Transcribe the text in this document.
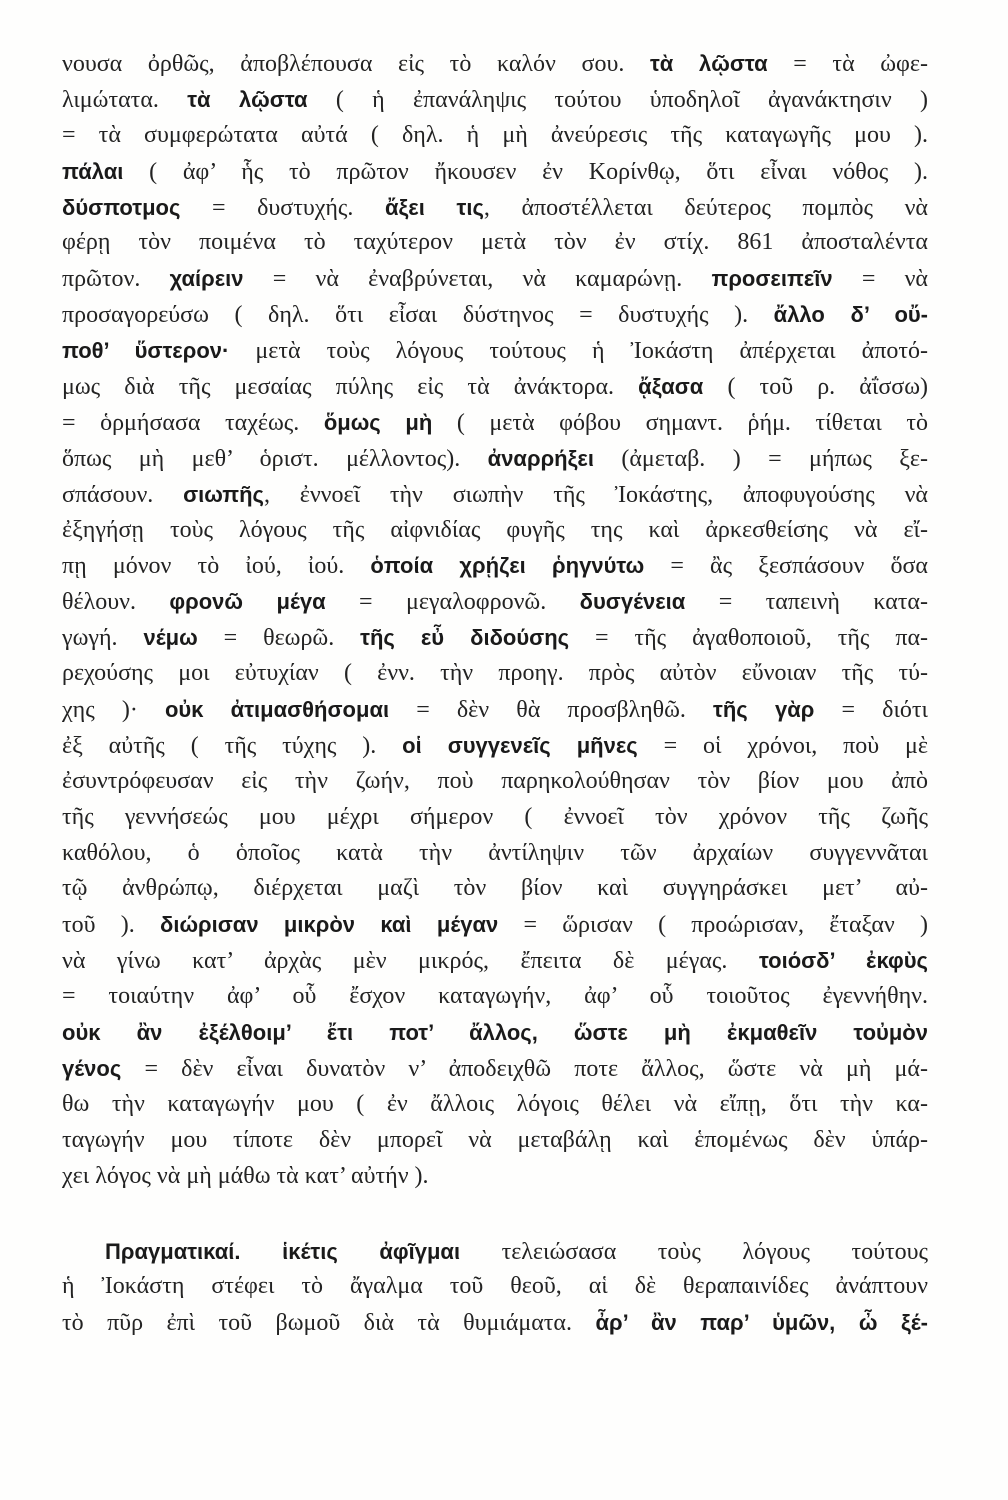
νουσα ὀρθῶς, ἀποβλέπουσα εἰς τὸ καλόν σου. τὰ λῷστα = τὰ ὠφε-
λιμώτατα. τὰ λῷστα ( ἡ ἐπανάληψις τούτου ὑποδηλοῖ ἀγανάκτησιν )
= τὰ συμφερώτατα αὐτά ( δηλ. ἡ μὴ ἀνεύρεσις τῆς καταγωγῆς μου ).
πάλαι ( ἀφ’ ἧς τὸ πρῶτον ἤκουσεν ἐν Κορίνθῳ, ὅτι εἶναι νόθος ).
δύσποτμος = δυστυχής. ἄξει τις, ἀποστέλλεται δεύτερος πομπὸς νὰ
φέρῃ τὸν ποιμένα τὸ ταχύτερον μετὰ τὸν ἐν στίχ. 861 ἀποσταλέντα
πρῶτον. χαίρειν = νὰ ἐναβρύνεται, νὰ καμαρώνῃ. προσειπεῖν = νὰ
προσαγορεύσω ( δηλ. ὅτι εἶσαι δύστηνος = δυστυχής ). ἄλλο δ’ οὔ-
ποθ’ ὕστερον· μετὰ τοὺς λόγους τούτους ἡ Ἰοκάστη ἀπέρχεται ἀποτό-
μως διὰ τῆς μεσαίας πύλης εἰς τὰ ἀνάκτορα. ᾄξασα ( τοῦ ρ. ἀΐσσω)
= ὁρμήσασα ταχέως. ὅμως μὴ ( μετὰ φόβου σημαντ. ῥήμ. τίθεται τὸ
ὅπως μὴ μεθ’ ὁριστ. μέλλοντος). ἀναρρήξει (ἀμεταβ. ) = μήπως ξε-
σπάσουν. σιωπῆς, ἐννοεῖ τὴν σιωπὴν τῆς Ἰοκάστης, ἀποφυγούσης νὰ
ἐξηγήσῃ τοὺς λόγους τῆς αἰφνιδίας φυγῆς της καὶ ἀρκεσθείσης νὰ εἴ-
πῃ μόνον τὸ ἰού, ἰού. ὁποία χρῄζει ῥηγνύτω = ἂς ξεσπάσουν ὅσα
θέλουν. φρονῶ μέγα = μεγαλοφρονῶ. δυσγένεια = ταπεινὴ κατα-
γωγή. νέμω = θεωρῶ. τῆς εὖ διδούσης = τῆς ἀγαθοποιοῦ, τῆς πα-
ρεχούσης μοι εὐτυχίαν ( ἐνν. τὴν προηγ. πρὸς αὐτὸν εὔνοιαν τῆς τύ-
χης )· οὐκ ἀτιμασθήσομαι = δὲν θὰ προσβληθῶ. τῆς γὰρ = διότι
ἐξ αὐτῆς ( τῆς τύχης ). οἱ συγγενεῖς μῆνες = οἱ χρόνοι, ποὺ μὲ
ἐσυντρόφευσαν εἰς τὴν ζωήν, ποὺ παρηκολούθησαν τὸν βίον μου ἀπὸ
τῆς γεννήσεώς μου μέχρι σήμερον ( ἐννοεῖ τὸν χρόνον τῆς ζωῆς
καθόλου, ὁ ὁποῖος κατὰ τὴν ἀντίληψιν τῶν ἀρχαίων συγγεννᾶται
τῷ ἀνθρώπῳ, διέρχεται μαζὶ τὸν βίον καὶ συγγηράσκει μετ’ αὐ-
τοῦ ). διώρισαν μικρὸν καὶ μέγαν = ὥρισαν ( προώρισαν, ἔταξαν )
νὰ γίνω κατ’ ἀρχὰς μὲν μικρός, ἔπειτα δὲ μέγας. τοιόσδ’ ἐκφὺς
= τοιαύτην ἀφ’ οὗ ἔσχον καταγωγήν, ἀφ’ οὗ τοιοῦτος ἐγεννήθην.
οὐκ ἂν ἐξέλθοιμ’ ἔτι ποτ’ ἄλλος, ὥστε μὴ ἐκμαθεῖν τοὐμὸν
γένος = δὲν εἶναι δυνατὸν ν’ ἀποδειχθῶ ποτε ἄλλος, ὥστε νὰ μὴ μά-
θω τὴν καταγωγήν μου ( ἐν ἄλλοις λόγοις θέλει νὰ εἴπῃ, ὅτι τὴν κα-
ταγωγήν μου τίποτε δὲν μπορεῖ νὰ μεταβάλῃ καὶ ἑπομένως δὲν ὑπάρ-
χει λόγος νὰ μὴ μάθω τὰ κατ’ αὐτήν ).
Πραγματικαί. ἱκέτις ἀφῖγμαι τελειώσασα τοὺς λόγους τούτους
ἡ Ἰοκάστη στέφει τὸ ἄγαλμα τοῦ θεοῦ, αἱ δὲ θεραπαινίδες ἀνάπτουν
τὸ πῦρ ἐπὶ τοῦ βωμοῦ διὰ τὰ θυμιάματα. ἆρ’ ἂν παρ’ ὑμῶν, ὦ ξέ-
